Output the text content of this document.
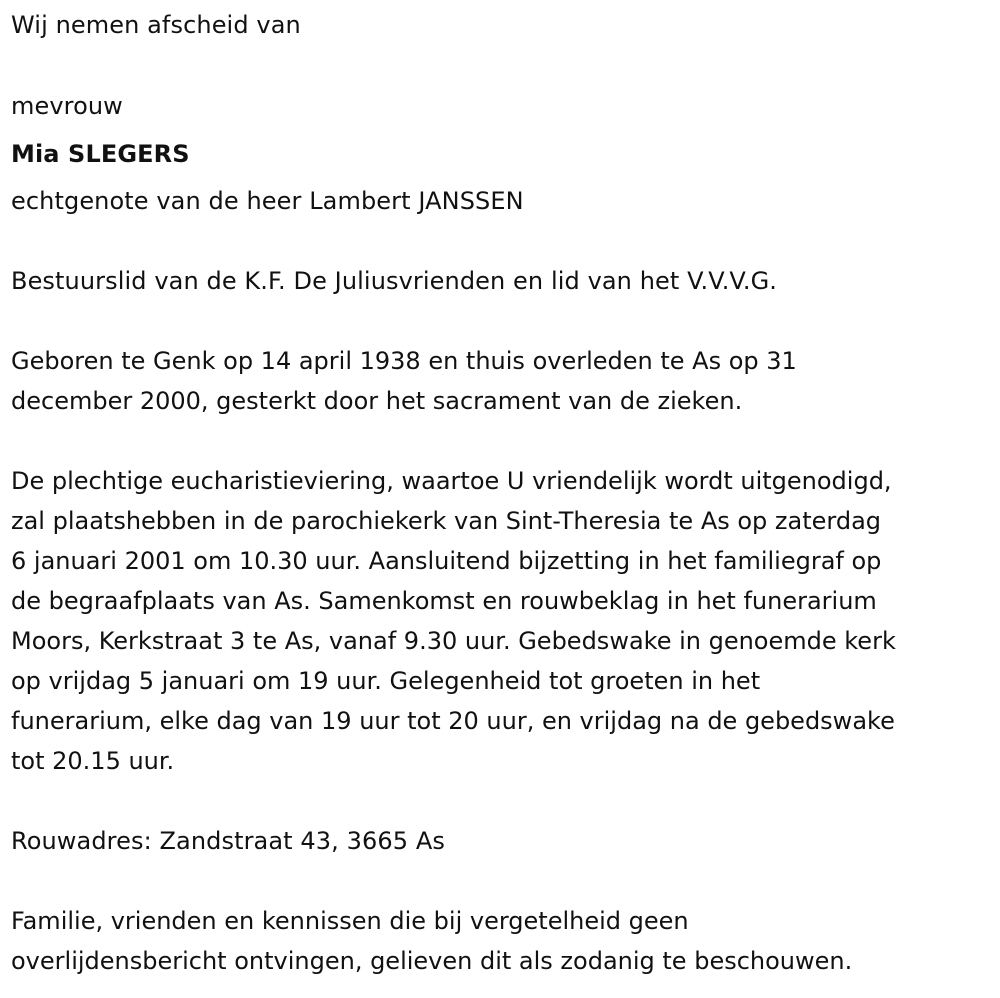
Wij nemen afscheid van
mevrouw
Mia SLEGERS
echtgenote van de heer Lambert JANSSEN
Bestuurslid van de K.F. De Juliusvrienden en lid van het V.V.V.G.
Geboren te Genk op 14 april 1938 en thuis overleden te As op 31
december 2000, gesterkt door het sacrament van de zieken.
De plechtige eucharistieviering, waartoe U vriendelijk wordt uitgenodigd,
zal plaatshebben in de parochiekerk van Sint-Theresia te As op zaterdag
6 januari 2001 om 10.30 uur. Aansluitend bijzetting in het familiegraf op
de begraafplaats van As. Samenkomst en rouwbeklag in het funerarium
Moors, Kerkstraat 3 te As, vanaf 9.30 uur. Gebedswake in genoemde kerk
op vrijdag 5 januari om 19 uur. Gelegenheid tot groeten in het
funerarium, elke dag van 19 uur tot 20 uur, en vrijdag na de gebedswake
tot 20.15 uur.
Rouwadres: Zandstraat 43, 3665 As
Familie, vrienden en kennissen die bij vergetelheid geen
overlijdensbericht ontvingen, gelieven dit als zodanig te beschouwen.
